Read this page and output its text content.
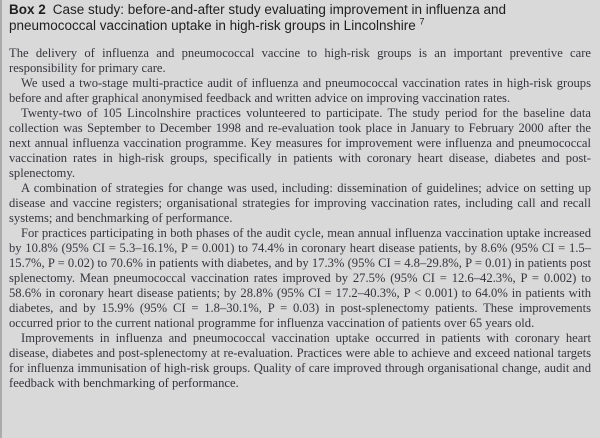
Box 2 Case study: before-and-after study evaluating improvement in influenza and pneumococcal vaccination uptake in high-risk groups in Lincolnshire $^7$

The delivery of influenza and pneumococcal vaccine to high-risk groups is an important preventive care responsibility for primary care.

We used a two-stage multi-practice audit of influenza and pneumococcal vaccination rates in high-risk groups before and after graphical anonymised feedback and written advice on improving vaccination rates.

Twenty-two of 105 Lincolnshire practices volunteered to participate. The study period for the baseline data collection was September to December 1998 and re-evaluation took place in January to February 2000 after the next annual influenza vaccination programme. Key measures for improvement were influenza and pneumococcal vaccination rates in high-risk groups, specifically in patients with coronary heart disease, diabetes and post-splenectomy.

A combination of strategies for change was used, including: dissemination of guidelines; advice on setting up disease and vaccine registers; organisational strategies for improving vaccination rates, including call and recall systems; and benchmarking of performance.

For practices participating in both phases of the audit cycle, mean annual influenza vaccination uptake increased by 10.8% (95% CI = 5.3–16.1%, P = 0.001) to 74.4% in coronary heart disease patients, by 8.6% (95% CI = 1.5–15.7%, P = 0.02) to 70.6% in patients with diabetes, and by 17.3% (95% CI = 4.8–29.8%, P = 0.01) in patients post splenectomy. Mean pneumococcal vaccination rates improved by 27.5% (95% CI = 12.6–42.3%, P = 0.002) to 58.6% in coronary heart disease patients; by 28.8% (95% CI = 17.2–40.3%, P < 0.001) to 64.0% in patients with diabetes, and by 15.9% (95% CI = 1.8–30.1%, P = 0.03) in post-splenectomy patients. These improvements occurred prior to the current national programme for influenza vaccination of patients over 65 years old.

Improvements in influenza and pneumococcal vaccination uptake occurred in patients with coronary heart disease, diabetes and post-splenectomy at re-evaluation. Practices were able to achieve and exceed national targets for influenza immunisation of high-risk groups. Quality of care improved through organisational change, audit and feedback with benchmarking of performance.
